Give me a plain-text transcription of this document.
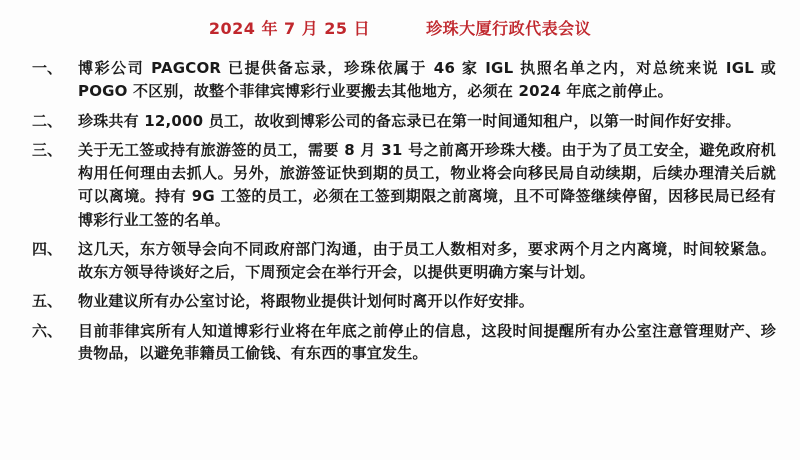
2024 年 7 月 25 日	珍珠大厦行政代表会议
一、	博彩公司 PAGCOR 已提供备忘录，珍珠依属于 46 家 IGL 执照名单之内，对总统来说 IGL 或 POGO 不区别，故整个菲律宾博彩行业要搬去其他地方，必须在 2024 年底之前停止。
二、	珍珠共有 12,000 员工，故收到博彩公司的备忘录已在第一时间通知租户，以第一时间作好安排。
三、	关于无工签或持有旅游签的员工，需要 8 月 31 号之前离开珍珠大楼。由于为了员工安全，避免政府机构用任何理由去抓人。另外，旅游签证快到期的员工，物业将会向移民局自动续期，后续办理清关后就可以离境。持有 9G 工签的员工，必须在工签到期限之前离境，且不可降签继续停留，因移民局已经有博彩行业工签的名单。
四、	这几天，东方领导会向不同政府部门沟通，由于员工人数相对多，要求两个月之内离境，时间较紧急。故东方领导待谈好之后，下周预定会在举行开会，以提供更明确方案与计划。
五、	物业建议所有办公室讨论，将跟物业提供计划何时离开以作好安排。
六、	目前菲律宾所有人知道博彩行业将在年底之前停止的信息，这段时间提醒所有办公室注意管理财产、珍贵物品，以避免菲籍员工偷钱、有东西的事宜发生。
